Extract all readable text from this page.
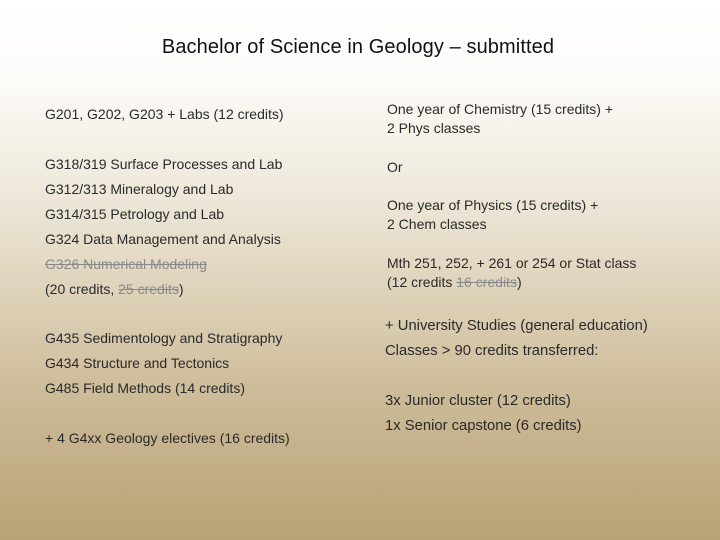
Bachelor of Science in Geology – submitted
G201, G202, G203 + Labs (12 credits)
G318/319 Surface Processes and Lab
G312/313 Mineralogy and Lab
G314/315 Petrology and Lab
G324 Data Management and Analysis
G326 Numerical Modeling
(20 credits, 25 credits)
G435 Sedimentology and Stratigraphy
G434 Structure and Tectonics
G485 Field Methods (14 credits)
+ 4 G4xx Geology electives (16 credits)
One year of Chemistry (15 credits) +
2 Phys classes
Or
One year of Physics (15 credits) +
2 Chem classes
Mth 251, 252, + 261 or 254 or Stat class
(12 credits 16 credits)
+ University Studies (general education)
Classes > 90 credits transferred:
3x Junior cluster (12 credits)
1x Senior capstone (6 credits)
